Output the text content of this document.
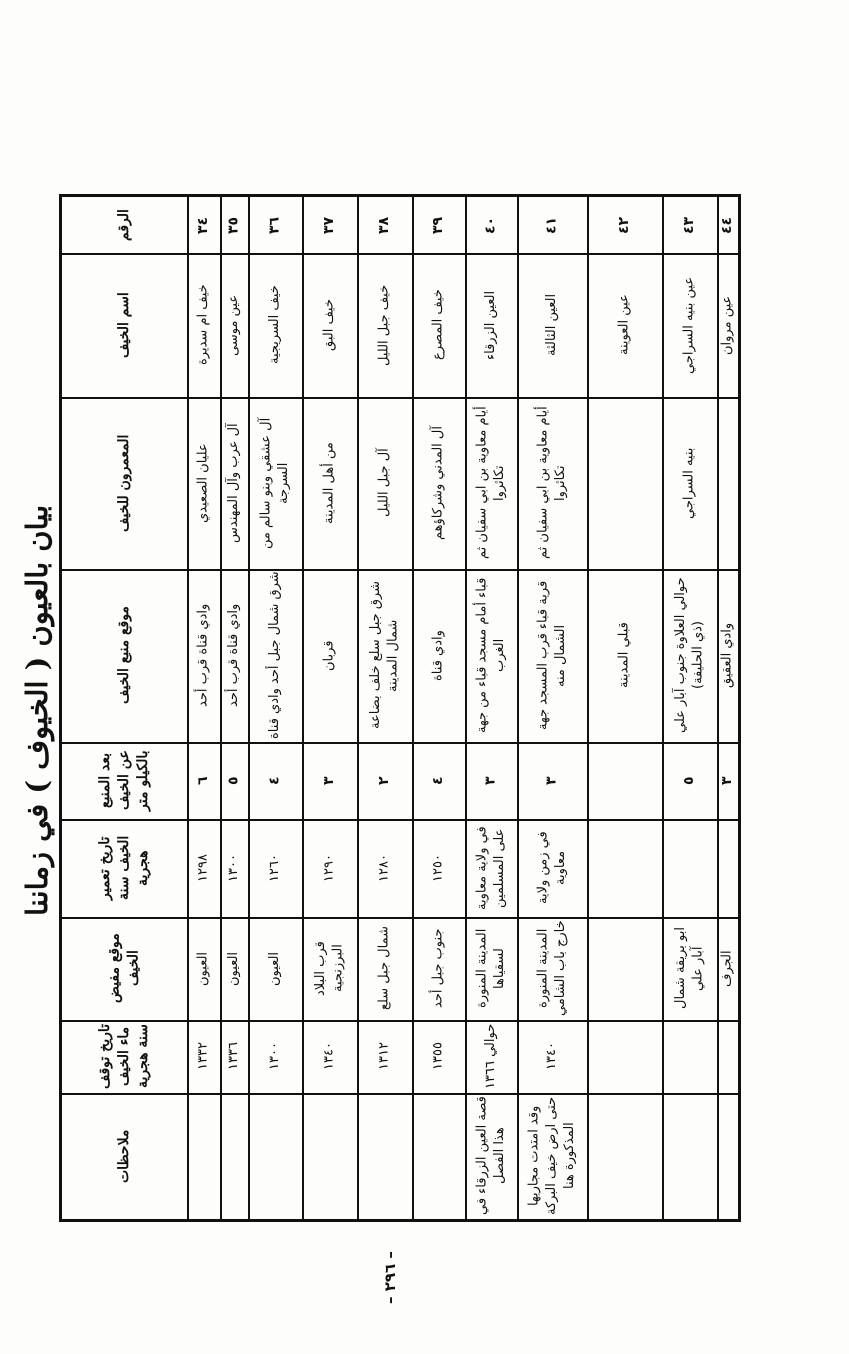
بيان بالعيون ( الخيوف ) في زماننا
الرقم
اسم الخيف
المعمرون للخيف
موقع منبع الخيف
بعد المنبع عن الخيف بالكيلو متر
تاريخ تعمير الخيف سنة هجرية
موقع مفيض الخيف
تاريخ توقف ماء الخيف سنة هجرية
ملاحظات
٣٤
خيف ام سديرة
عليان الصعيدي
وادي قناة قرب أحد
٦
١٢٩٨
العيون
١٣٣٢
٣٥
عين موسى
آل عرب وآل المهندس
وادي قناة قرب أحد
٥
١٣٠٠
العيون
١٣٣٦
٣٦
خيف السريجية
آل عشقي وبنو سالم من السرجة
شرق شمال جبل أحد وادي قناة
٤
١٢٦٠
العيون
١٣٠٠
٣٧
خيف البق
من أهل المدينة
قربان
٣
١٢٩٠
قرب البلاد البرزنجية
١٣٤٠
٣٨
خيف جبل الليل
آل جبل الليل
شرق جبل سلع خلف بضاعة شمال المدينة
٢
١٢٨٠
شمال جبل سلع
١٣١٢
٣٩
خيف المصرع
آل المدني وشركاؤهم
وادي قناة
٤
١٢٥٠
جنوب جبل أحد
١٣٥٥
٤٠
العين الزرقاء
أيام معاوية بن ابي سفيان ثم تكاثروا
قباء أمام مسجد قباء من جهة الغرب
٣
في ولاية معاوية على المسلمين
المدينة المنورة لسقياها
حوالي ١٣٦٦
قصة العين الزرقاء في هذا الفصل
٤١
العين الثالثة
أيام معاوية بن ابي سفيان ثم تكاثروا
قرية قباء قرب المسجد جهة الشمال منه
٣
في زمن ولاية معاوية
المدينة المنورة خارج باب الشامي
١٣٤٠
وقد امتدت مجاريها حتى ارض خيف البركة المذكورة هنا
٤٢
عين العوينة
قبلي المدينة
٤٣
عين بنيه السراجي
بنيه السراجي
حوالي العلاوة جنوب آبار علي (ذي الحليفة)
٥
ابو بريقة شمال آبار علي
٤٤
عين مروان
وادي العقيق
٣
الجرف
– ٢٩٦ –
